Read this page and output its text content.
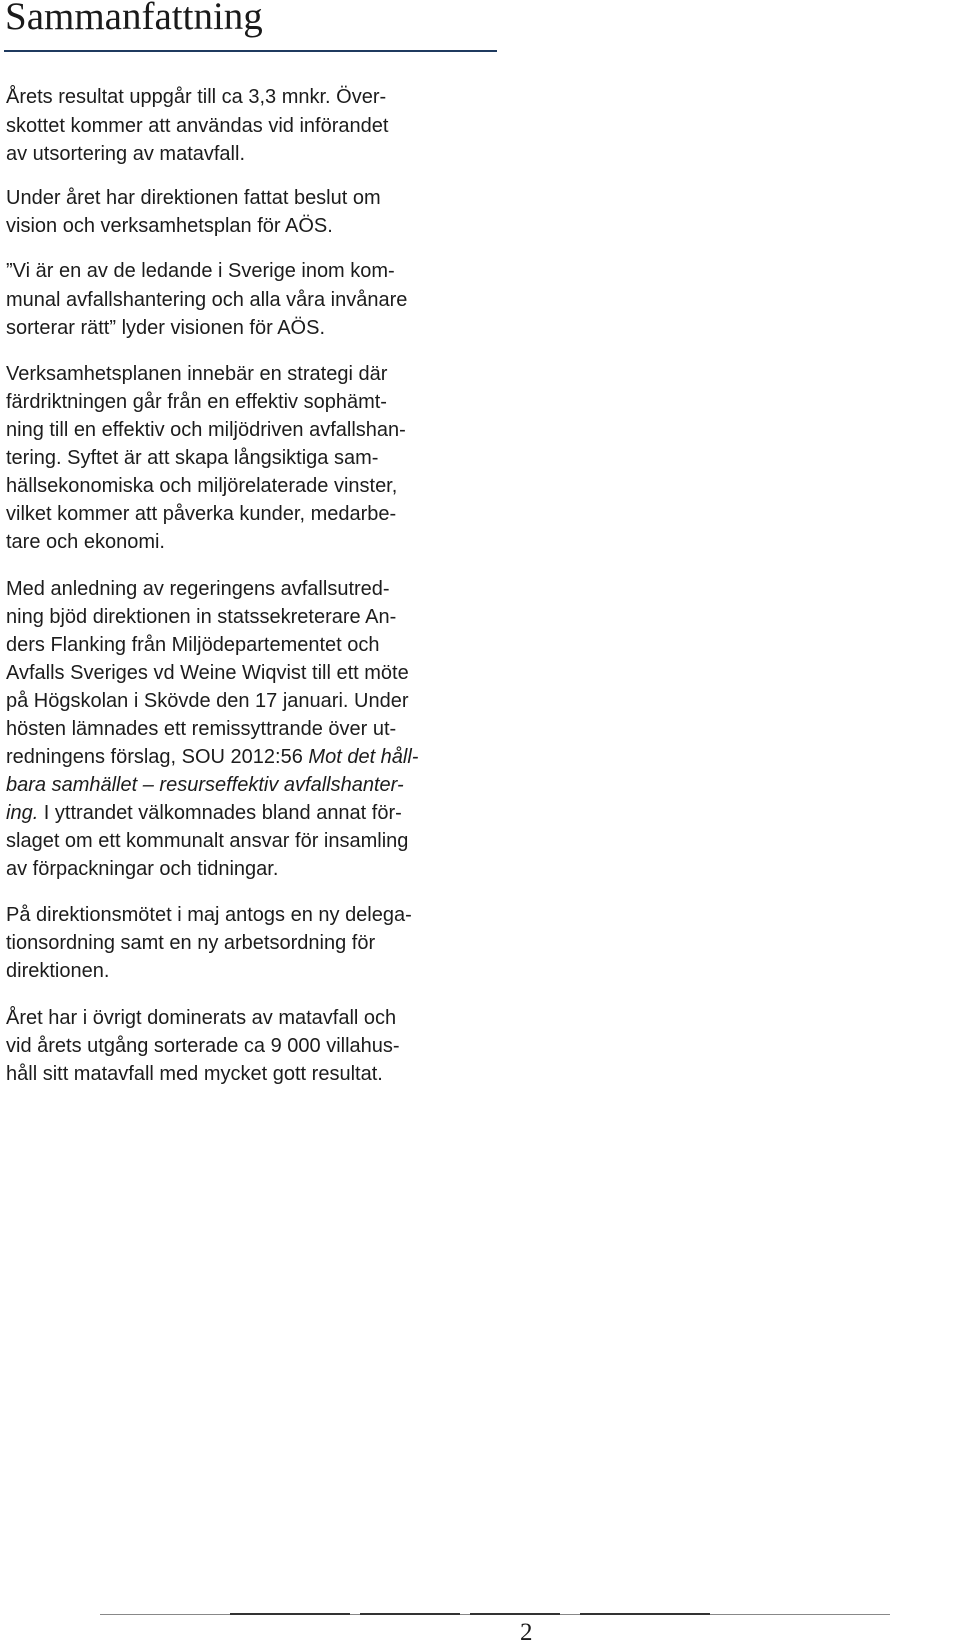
Sammanfattning
Årets resultat uppgår till ca 3,3 mnkr. Över-
skottet kommer att användas vid införandet
av utsortering av matavfall.
Under året har direktionen fattat beslut om
vision och verksamhetsplan för AÖS.
”Vi är en av de ledande i Sverige inom kom-
munal avfallshantering och alla våra invånare
sorterar rätt” lyder visionen för AÖS.
Verksamhetsplanen innebär en strategi där
färdriktningen går från en effektiv sophämt-
ning till en effektiv och miljödriven avfallshan-
tering. Syftet är att skapa långsiktiga sam-
hällsekonomiska och miljörelaterade vinster,
vilket kommer att påverka kunder, medarbe-
tare och ekonomi.
Med anledning av regeringens avfallsutred-
ning bjöd direktionen in statssekreterare An-
ders Flanking från Miljödepartementet och
Avfalls Sveriges vd Weine Wiqvist till ett möte
på Högskolan i Skövde den 17 januari. Under
hösten lämnades ett remissyttrande över ut-
redningens förslag, SOU 2012:56 Mot det håll-
bara samhället – resurseffektiv avfallshanter-
ing. I yttrandet välkomnades bland annat för-
slaget om ett kommunalt ansvar för insamling
av förpackningar och tidningar.
På direktionsmötet i maj antogs en ny delega-
tionsordning samt en ny arbetsordning för
direktionen.
Året har i övrigt dominerats av matavfall och
vid årets utgång sorterade ca 9 000 villahus-
håll sitt matavfall med mycket gott resultat.
2
